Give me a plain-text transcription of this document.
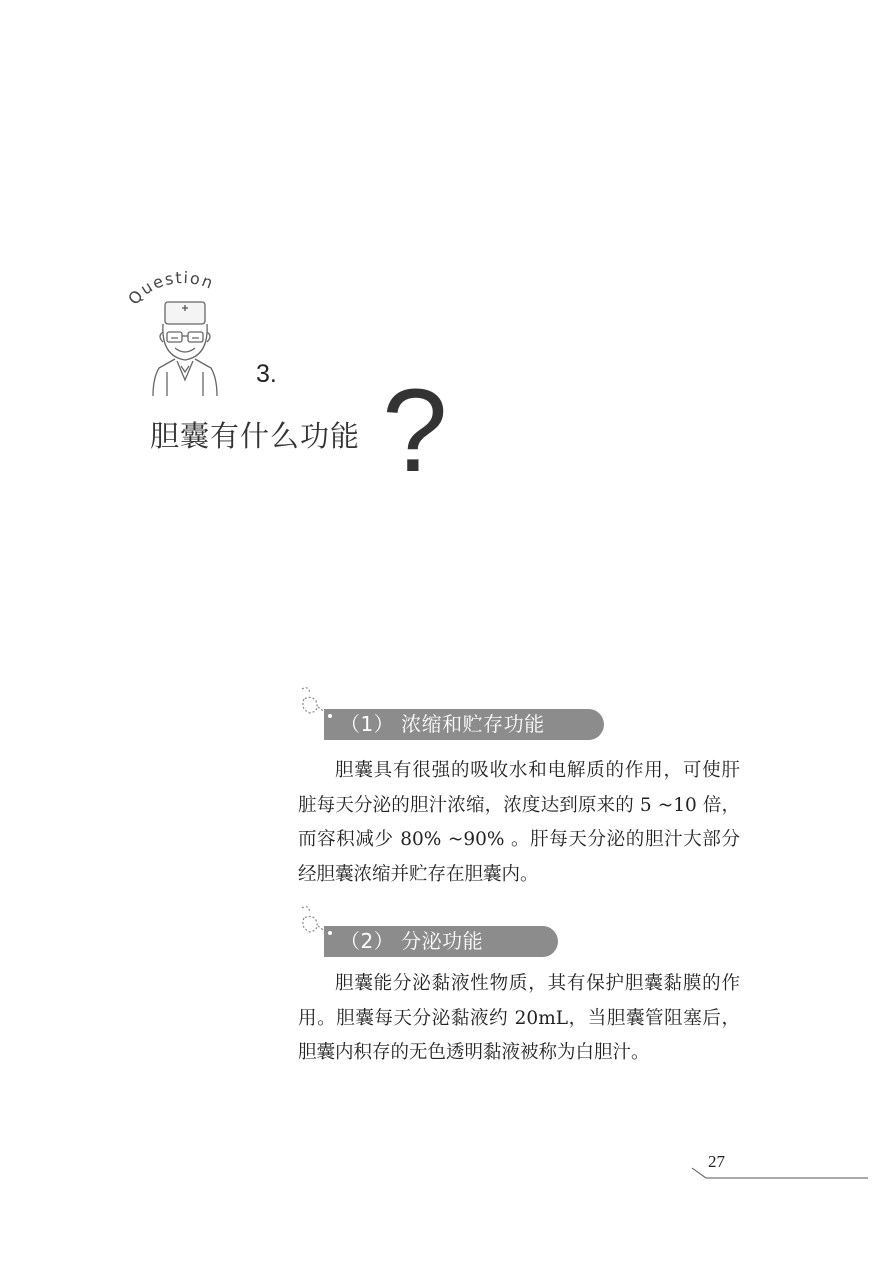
Question
3.
胆囊有什么功能 ?
（1） 浓缩和贮存功能

胆囊具有很强的吸收水和电解质的作用，可使肝脏每天分泌的胆汁浓缩，浓度达到原来的 5 ~10 倍，而容积减少 80% ~90% 。肝每天分泌的胆汁大部分经胆囊浓缩并贮存在胆囊内。

（2） 分泌功能

胆囊能分泌黏液性物质，其有保护胆囊黏膜的作用。胆囊每天分泌黏液约 20mL，当胆囊管阻塞后，胆囊内积存的无色透明黏液被称为白胆汁。

27
